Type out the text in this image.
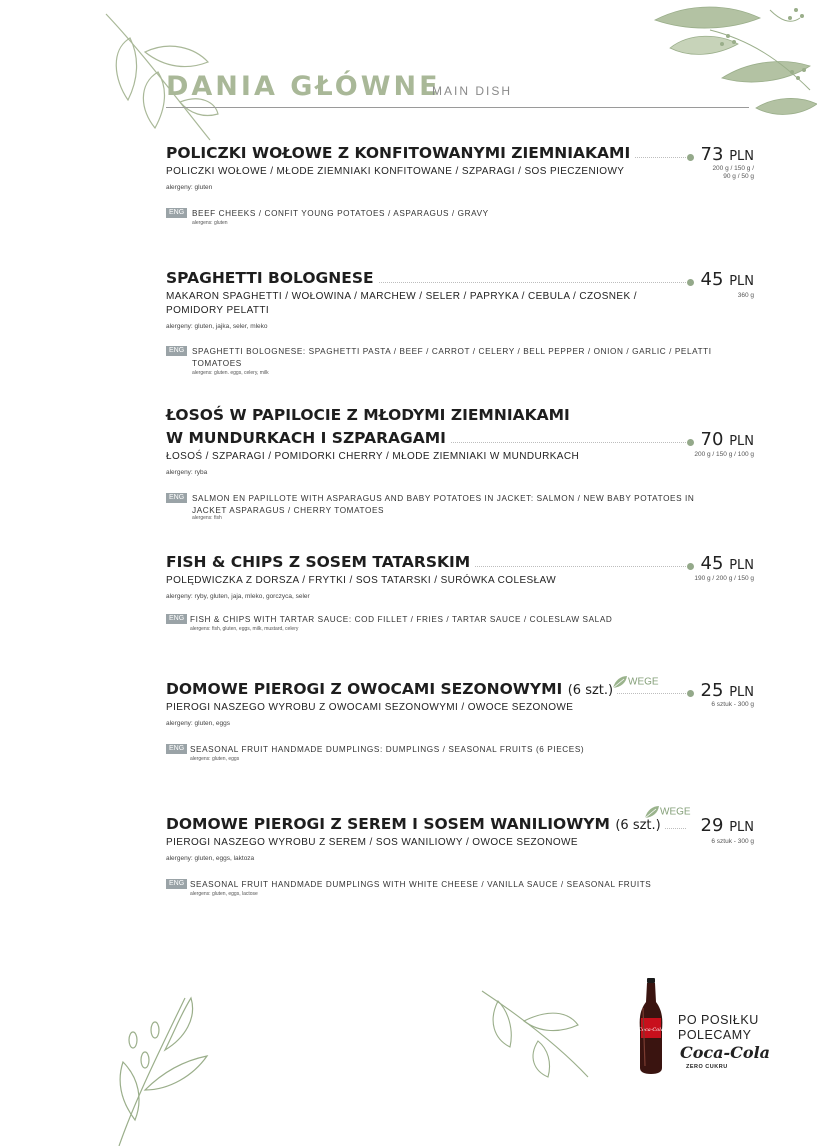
DANIA GŁÓWNE
MAIN DISH
POLICZKI WOŁOWE Z KONFITOWANYMI ZIEMNIAKAMI	73 PLN
200 g / 150 g /
90 g / 50 g
POLICZKI WOŁOWE / MŁODE ZIEMNIAKI KONFITOWANE / SZPARAGI / SOS PIECZENIOWY
alergeny: gluten
ENG BEEF CHEEKS / CONFIT YOUNG POTATOES / ASPARAGUS / GRAVY
alergens: gluten
SPAGHETTI BOLOGNESE	45 PLN
360 g
MAKARON SPAGHETTI / WOŁOWINA / MARCHEW / SELER / PAPRYKA / CEBULA / CZOSNEK / POMIDORY PELATTI
alergeny: gluten, jajka, seler, mleko
ENG SPAGHETTI BOLOGNESE: SPAGHETTI PASTA / BEEF / CARROT / CELERY / BELL PEPPER / ONION / GARLIC / PELATTI TOMATOES
alergens: gluten. eggs, celery, milk
ŁOSOŚ W PAPILOCIE Z MŁODYMI ZIEMNIAKAMI
W MUNDURKACH I SZPARAGAMI	70 PLN
200 g / 150 g / 100 g
ŁOSOŚ / SZPARAGI / POMIDORKI CHERRY / MŁODE ZIEMNIAKI W MUNDURKACH
alergeny: ryba
ENG SALMON EN PAPILLOTE WITH ASPARAGUS AND BABY POTATOES IN JACKET: SALMON / NEW BABY POTATOES IN JACKET ASPARAGUS / CHERRY TOMATOES
alergens: fish
FISH & CHIPS Z SOSEM TATARSKIM	45 PLN
190 g / 200 g / 150 g
POLĘDWICZKA Z DORSZA / FRYTKI / SOS TATARSKI / SURÓWKA COLESŁAW
alergeny: ryby, gluten, jaja, mleko, gorczyca, seler
ENG FISH & CHIPS WITH TARTAR SAUCE: COD FILLET / FRIES / TARTAR SAUCE / COLESLAW SALAD
alergens: fish, gluten, eggs, milk, mustard, celery
DOMOWE PIEROGI Z OWOCAMI SEZONOWYMI (6 szt.)	25 PLN
WEGE
6 sztuk - 300 g
PIEROGI NASZEGO WYROBU Z OWOCAMI SEZONOWYMI / OWOCE SEZONOWE
alergeny: gluten, eggs
ENG SEASONAL FRUIT HANDMADE DUMPLINGS: DUMPLINGS / SEASONAL FRUITS (6 PIECES)
alergens: gluten, eggs
DOMOWE PIEROGI Z SEREM I SOSEM WANILIOWYM (6 szt.) 29 PLN
WEGE
6 sztuk - 300 g
PIEROGI NASZEGO WYROBU Z SEREM / SOS WANILIOWY / OWOCE SEZONOWE
alergeny: gluten, eggs, laktoza
ENG SEASONAL FRUIT HANDMADE DUMPLINGS WITH WHITE CHEESE / VANILLA SAUCE / SEASONAL FRUITS
alergens: gluten, eggs, lactose
Coca-Cola
PO POSIŁKU
POLECAMY
Coca-Cola
ZERO CUKRU
